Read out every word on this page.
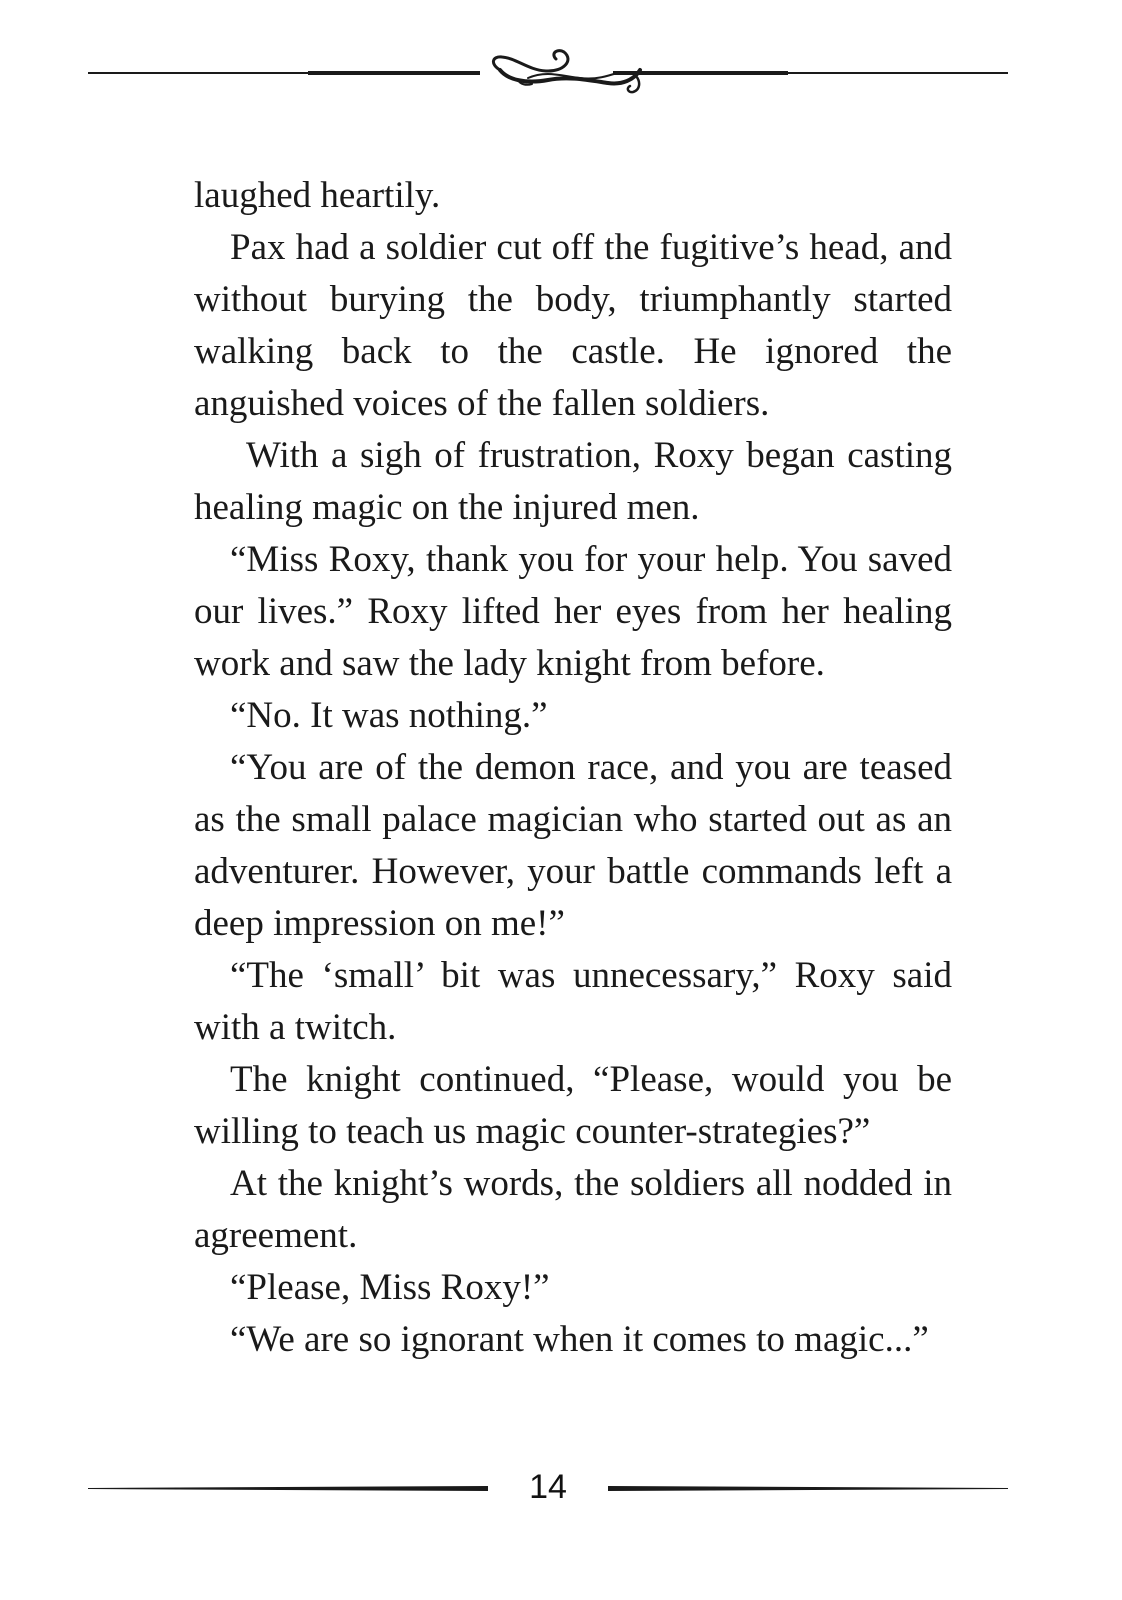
laughed heartily.

Pax had a soldier cut off the fugitive’s head, and without burying the body, triumphantly started walking back to the castle. He ignored the anguished voices of the fallen soldiers.

With a sigh of frustration, Roxy began casting healing magic on the injured men.

“Miss Roxy, thank you for your help. You saved our lives.” Roxy lifted her eyes from her healing work and saw the lady knight from before.

“No. It was nothing.”

“You are of the demon race, and you are teased as the small palace magician who started out as an adventurer. However, your battle commands left a deep impression on me!”

“The ‘small’ bit was unnecessary,” Roxy said with a twitch.

The knight continued, “Please, would you be willing to teach us magic counter-strategies?”

At the knight’s words, the soldiers all nodded in agreement.

“Please, Miss Roxy!”

“We are so ignorant when it comes to magic...”

14
